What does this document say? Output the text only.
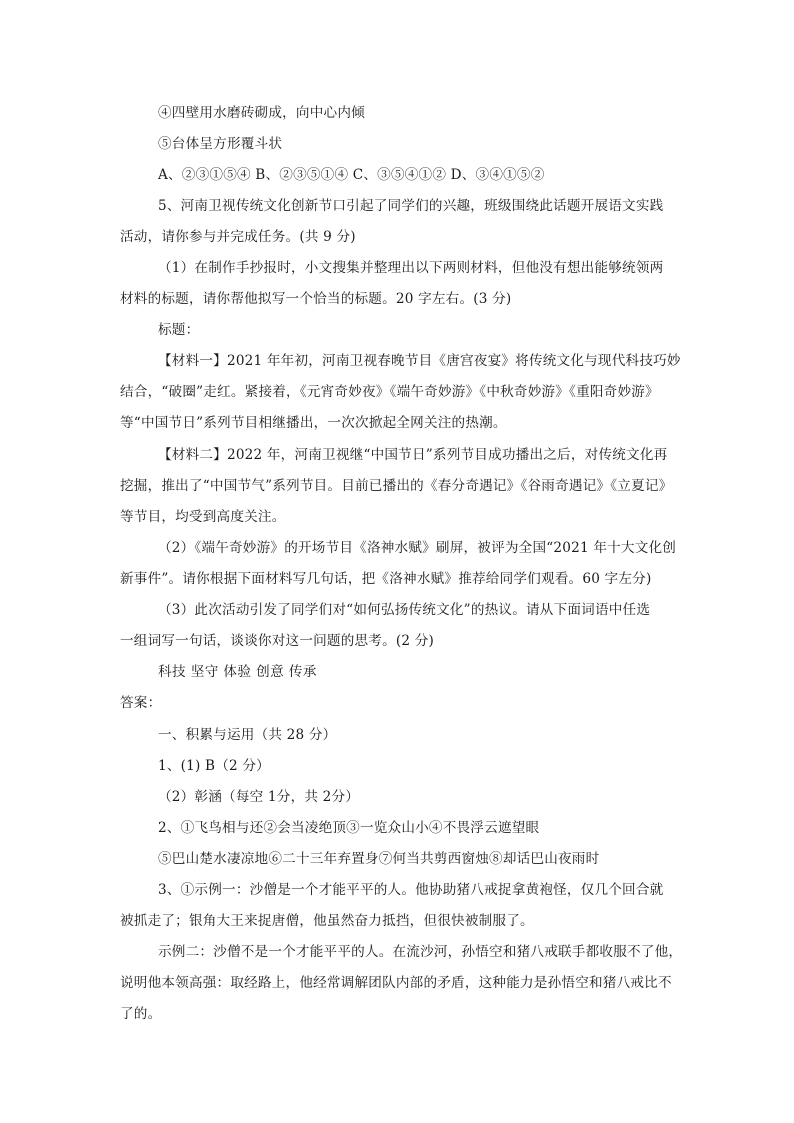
④四壁用水磨砖砌成，向中心内倾
⑤台体呈方形覆斗状
A、②③①⑤④ B、②③⑤①④ C、③⑤④①② D、③④①⑤②
5、河南卫视传统文化创新节口引起了同学们的兴趣，班级围绕此话题开展语文实践
活动，请你参与并完成任务。(共 9 分)
（1）在制作手抄报时，小文搜集并整理出以下两则材料，但他没有想出能够统领两
材料的标题，请你帮他拟写一个恰当的标题。20 字左右。(3 分)
标题：
【材料一】2021 年年初，河南卫视春晚节目《唐宫夜宴》将传统文化与现代科技巧妙
结合，“破圈”走红。紧接着，《元宵奇妙夜》《端午奇妙游》《中秋奇妙游》《重阳奇妙游》
等“中国节日”系列节目相继播出，一次次掀起全网关注的热潮。
【材料二】2022 年，河南卫视继“中国节日”系列节目成功播出之后，对传统文化再
挖掘，推出了“中国节气”系列节目。目前已播出的《春分奇遇记》《谷雨奇遇记》《立夏记》
等节目，均受到高度关注。
（2）《端午奇妙游》的开场节目《洛神水赋》刷屏，被评为全国“2021 年十大文化创
新事件”。请你根据下面材料写几句话，把《洛神水赋》推荐给同学们观看。60 字左分)
（3）此次活动引发了同学们对“如何弘扬传统文化”的热议。请从下面词语中任选
一组词写一句话，谈谈你对这一问题的思考。(2 分)
科技 坚守 体验 创意 传承
答案：
一、积累与运用（共 28 分）
1、(1) B（2 分）
（2）彰涵（每空 1分，共 2分）
2、①飞鸟相与还②会当凌绝顶③一览众山小④不畏浮云遮望眼
⑤巴山楚水凄凉地⑥二十三年弃置身⑦何当共剪西窗烛⑧却话巴山夜雨时
3、①示例一：沙僧是一个才能平平的人。他协助猪八戒捉拿黄袍怪，仅几个回合就
被抓走了；银角大王来捉唐僧，他虽然奋力抵挡，但很快被制服了。
示例二：沙僧不是一个才能平平的人。在流沙河，孙悟空和猪八戒联手都收服不了他，
说明他本领高强：取经路上，他经常调解团队内部的矛盾，这种能力是孙悟空和猪八戒比不
了的。
